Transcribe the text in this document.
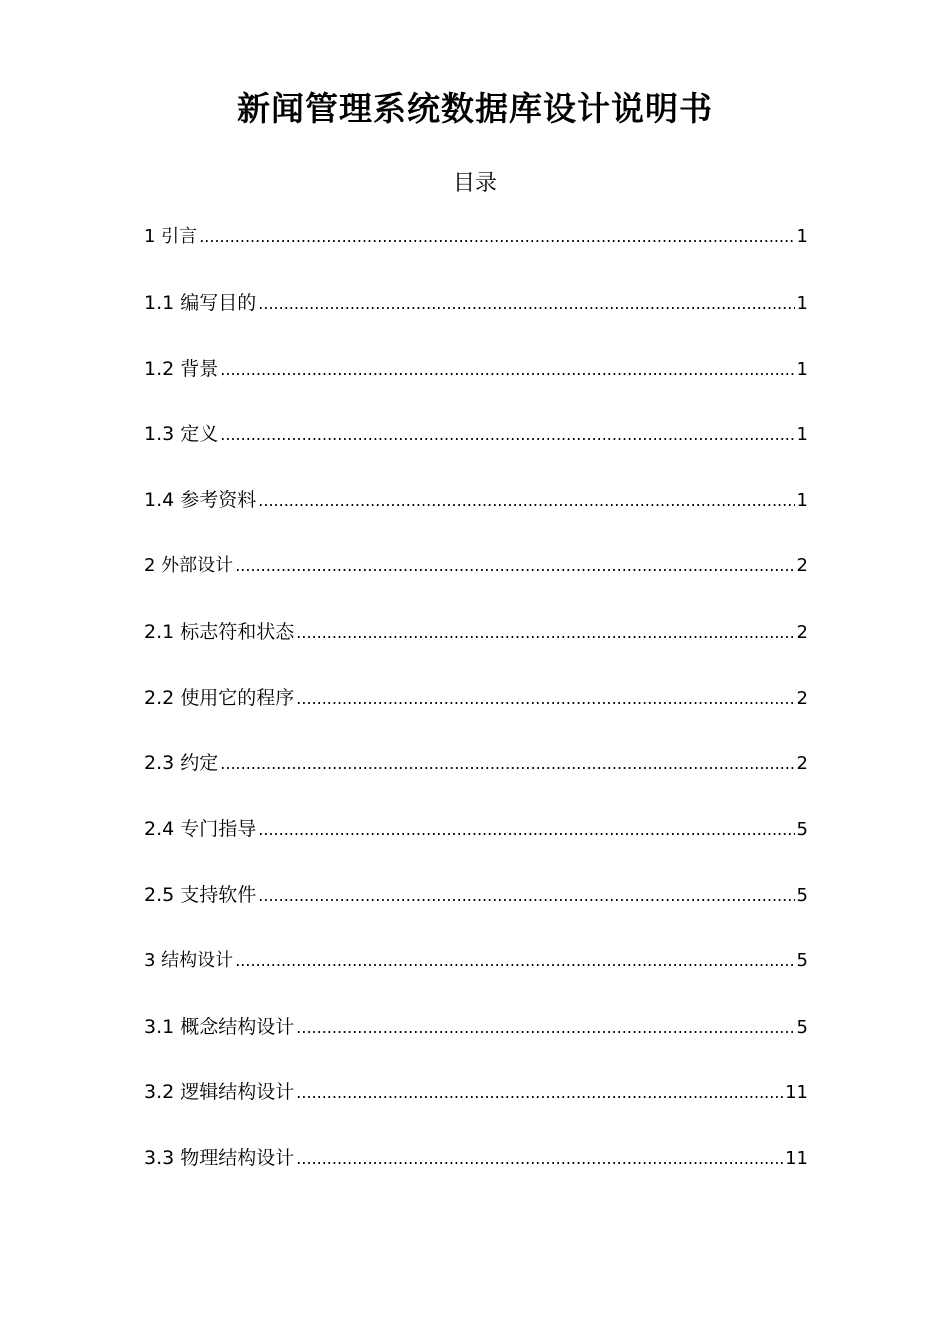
新闻管理系统数据库设计说明书
目录
1 引言 .....	1
1.1 编写目的 .....	1
1.2 背景 .....	1
1.3 定义 .....	1
1.4 参考资料 .....	1
2 外部设计 .....	2
2.1 标志符和状态 .....	2
2.2 使用它的程序 .....	2
2.3 约定 .....	2
2.4 专门指导 .....	5
2.5 支持软件 .....	5
3 结构设计 .....	5
3.1 概念结构设计 .....	5
3.2 逻辑结构设计 .....	11
3.3 物理结构设计 .....	11
